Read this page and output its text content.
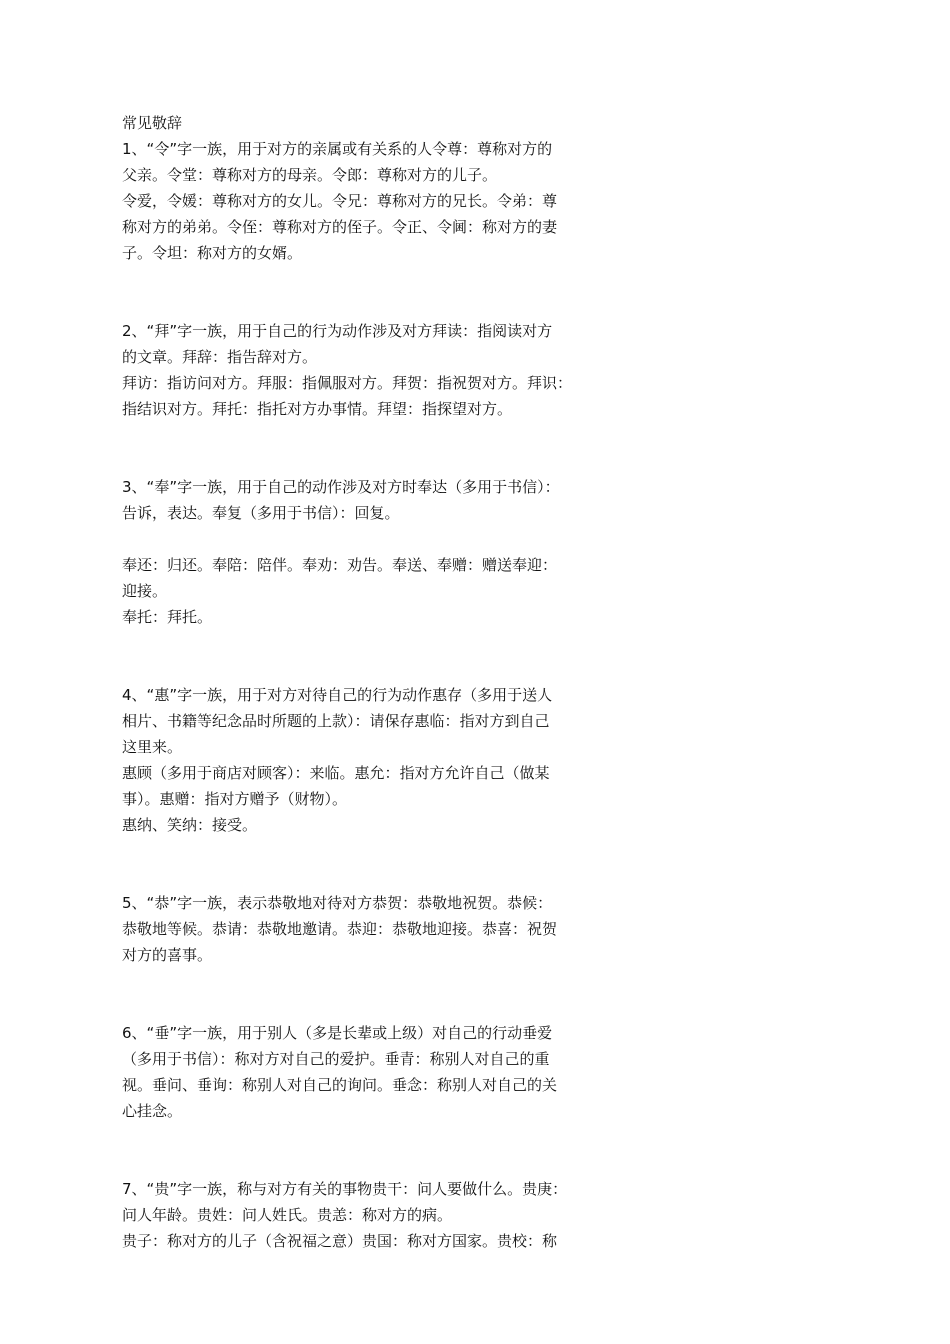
常见敬辞
1、“令”字一族，用于对方的亲属或有关系的人令尊：尊称对方的
父亲。令堂：尊称对方的母亲。令郎：尊称对方的儿子。
令爱，令媛：尊称对方的女儿。令兄：尊称对方的兄长。令弟：尊
称对方的弟弟。令侄：尊称对方的侄子。令正、令阃：称对方的妻
子。令坦：称对方的女婿。
2、“拜”字一族，用于自己的行为动作涉及对方拜读：指阅读对方
的文章。拜辞：指告辞对方。
拜访：指访问对方。拜服：指佩服对方。拜贺：指祝贺对方。拜识：
指结识对方。拜托：指托对方办事情。拜望：指探望对方。
3、“奉”字一族，用于自己的动作涉及对方时奉达（多用于书信）：
告诉，表达。奉复（多用于书信）：回复。
奉还：归还。奉陪：陪伴。奉劝：劝告。奉送、奉赠：赠送奉迎：
迎接。
奉托：拜托。
4、“惠”字一族，用于对方对待自己的行为动作惠存（多用于送人
相片、书籍等纪念品时所题的上款）：请保存惠临：指对方到自己
这里来。
惠顾（多用于商店对顾客）：来临。惠允：指对方允许自己（做某
事）。惠赠：指对方赠予（财物）。
惠纳、笑纳：接受。
5、“恭”字一族，表示恭敬地对待对方恭贺：恭敬地祝贺。恭候：
恭敬地等候。恭请：恭敬地邀请。恭迎：恭敬地迎接。恭喜：祝贺
对方的喜事。
6、“垂”字一族，用于别人（多是长辈或上级）对自己的行动垂爱
（多用于书信）：称对方对自己的爱护。垂青：称别人对自己的重
视。垂问、垂询：称别人对自己的询问。垂念：称别人对自己的关
心挂念。
7、“贵”字一族，称与对方有关的事物贵干：问人要做什么。贵庚：
问人年龄。贵姓：问人姓氏。贵恙：称对方的病。
贵子：称对方的儿子（含祝福之意）贵国：称对方国家。贵校：称
